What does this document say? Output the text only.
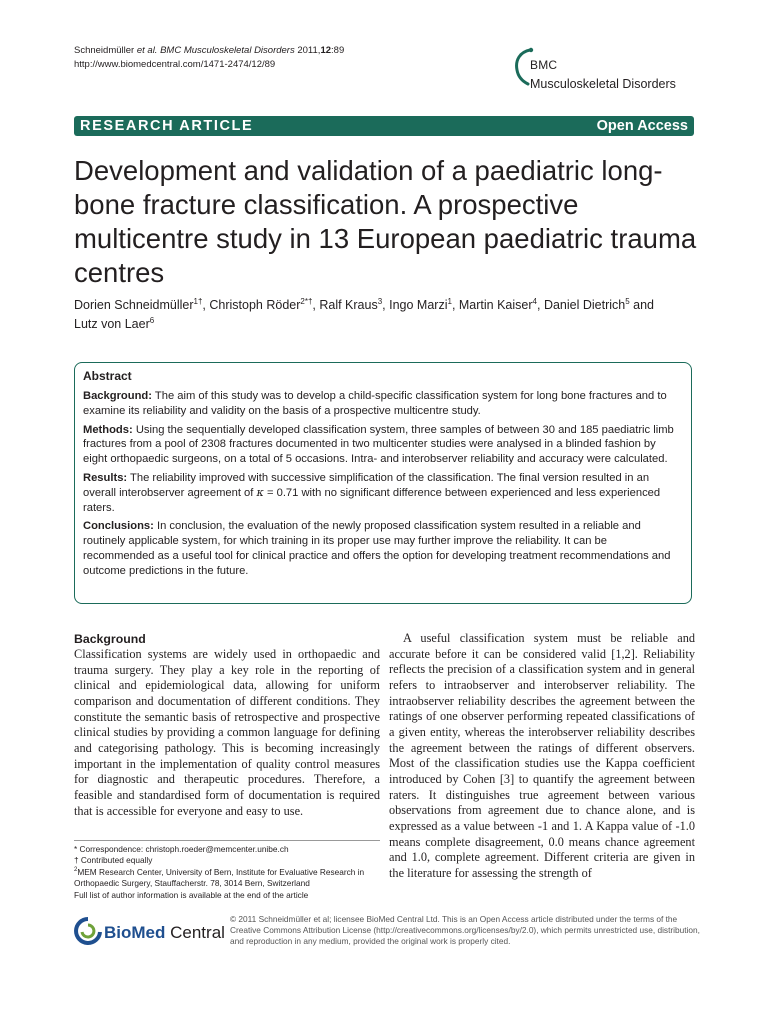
Schneidmüller et al. BMC Musculoskeletal Disorders 2011,12:89
http://www.biomedcentral.com/1471-2474/12/89	BMC
Musculoskeletal Disorders
RESEARCH ARTICLE	Open Access
Development and validation of a paediatric long-bone fracture classification. A prospective multicentre study in 13 European paediatric trauma centres
Dorien Schneidmüller$^{1\dagger}$, Christoph Röder$^{2*\dagger}$, Ralf Kraus$^3$, Ingo Marzi$^1$, Martin Kaiser$^4$, Daniel Dietrich$^5$ and
Lutz von Laer$^6$
Abstract

Background: The aim of this study was to develop a child-specific classification system for long bone fractures and to examine its reliability and validity on the basis of a prospective multicentre study.

Methods: Using the sequentially developed classification system, three samples of between 30 and 185 paediatric limb fractures from a pool of 2308 fractures documented in two multicenter studies were analysed in a blinded fashion by eight orthopaedic surgeons, on a total of 5 occasions. Intra- and interobserver reliability and accuracy were calculated.

Results: The reliability improved with successive simplification of the classification. The final version resulted in an overall interobserver agreement of κ = 0.71 with no significant difference between experienced and less experienced raters.

Conclusions: In conclusion, the evaluation of the newly proposed classification system resulted in a reliable and routinely applicable system, for which training in its proper use may further improve the reliability. It can be recommended as a useful tool for clinical practice and offers the option for developing treatment recommendations and outcome predictions in the future.

Background

Classification systems are widely used in orthopaedic and trauma surgery. They play a key role in the reporting of clinical and epidemiological data, allowing for uniform comparison and documentation of different conditions. They constitute the semantic basis of retrospective and prospective clinical studies by providing a common language for defining and categorising pathology. This is becoming increasingly important in the implementation of quality control measures for diagnostic and therapeutic procedures. Therefore, a feasible and standardised form of documentation is required that is accessible for everyone and easy to use.

A useful classification system must be reliable and accurate before it can be considered valid [1,2]. Reliability reflects the precision of a classification system and in general refers to intraobserver and interobserver reliability. The intraobserver reliability describes the agreement between the ratings of one observer performing repeated classifications of a given entity, whereas the interobserver reliability describes the agreement between the ratings of different observers. Most of the classification studies use the Kappa coefficient introduced by Cohen [3] to quantify the agreement between raters. It distinguishes true agreement between various observations from agreement due to chance alone, and is expressed as a value between -1 and 1. A Kappa value of -1.0 means complete disagreement, 0.0 means chance agreement and 1.0, complete agreement. Different criteria are given in the literature for assessing the strength of

* Correspondence: christoph.roeder@memcenter.unibe.ch
† Contributed equally
$^2$MEM Research Center, University of Bern, Institute for Evaluative Research in Orthopaedic Surgery, Stauffacherstr. 78, 3014 Bern, Switzerland
Full list of author information is available at the end of the article
BioMed Central
© 2011 Schneidmüller et al; licensee BioMed Central Ltd. This is an Open Access article distributed under the terms of the Creative Commons Attribution License (http://creativecommons.org/licenses/by/2.0), which permits unrestricted use, distribution, and reproduction in any medium, provided the original work is properly cited.
